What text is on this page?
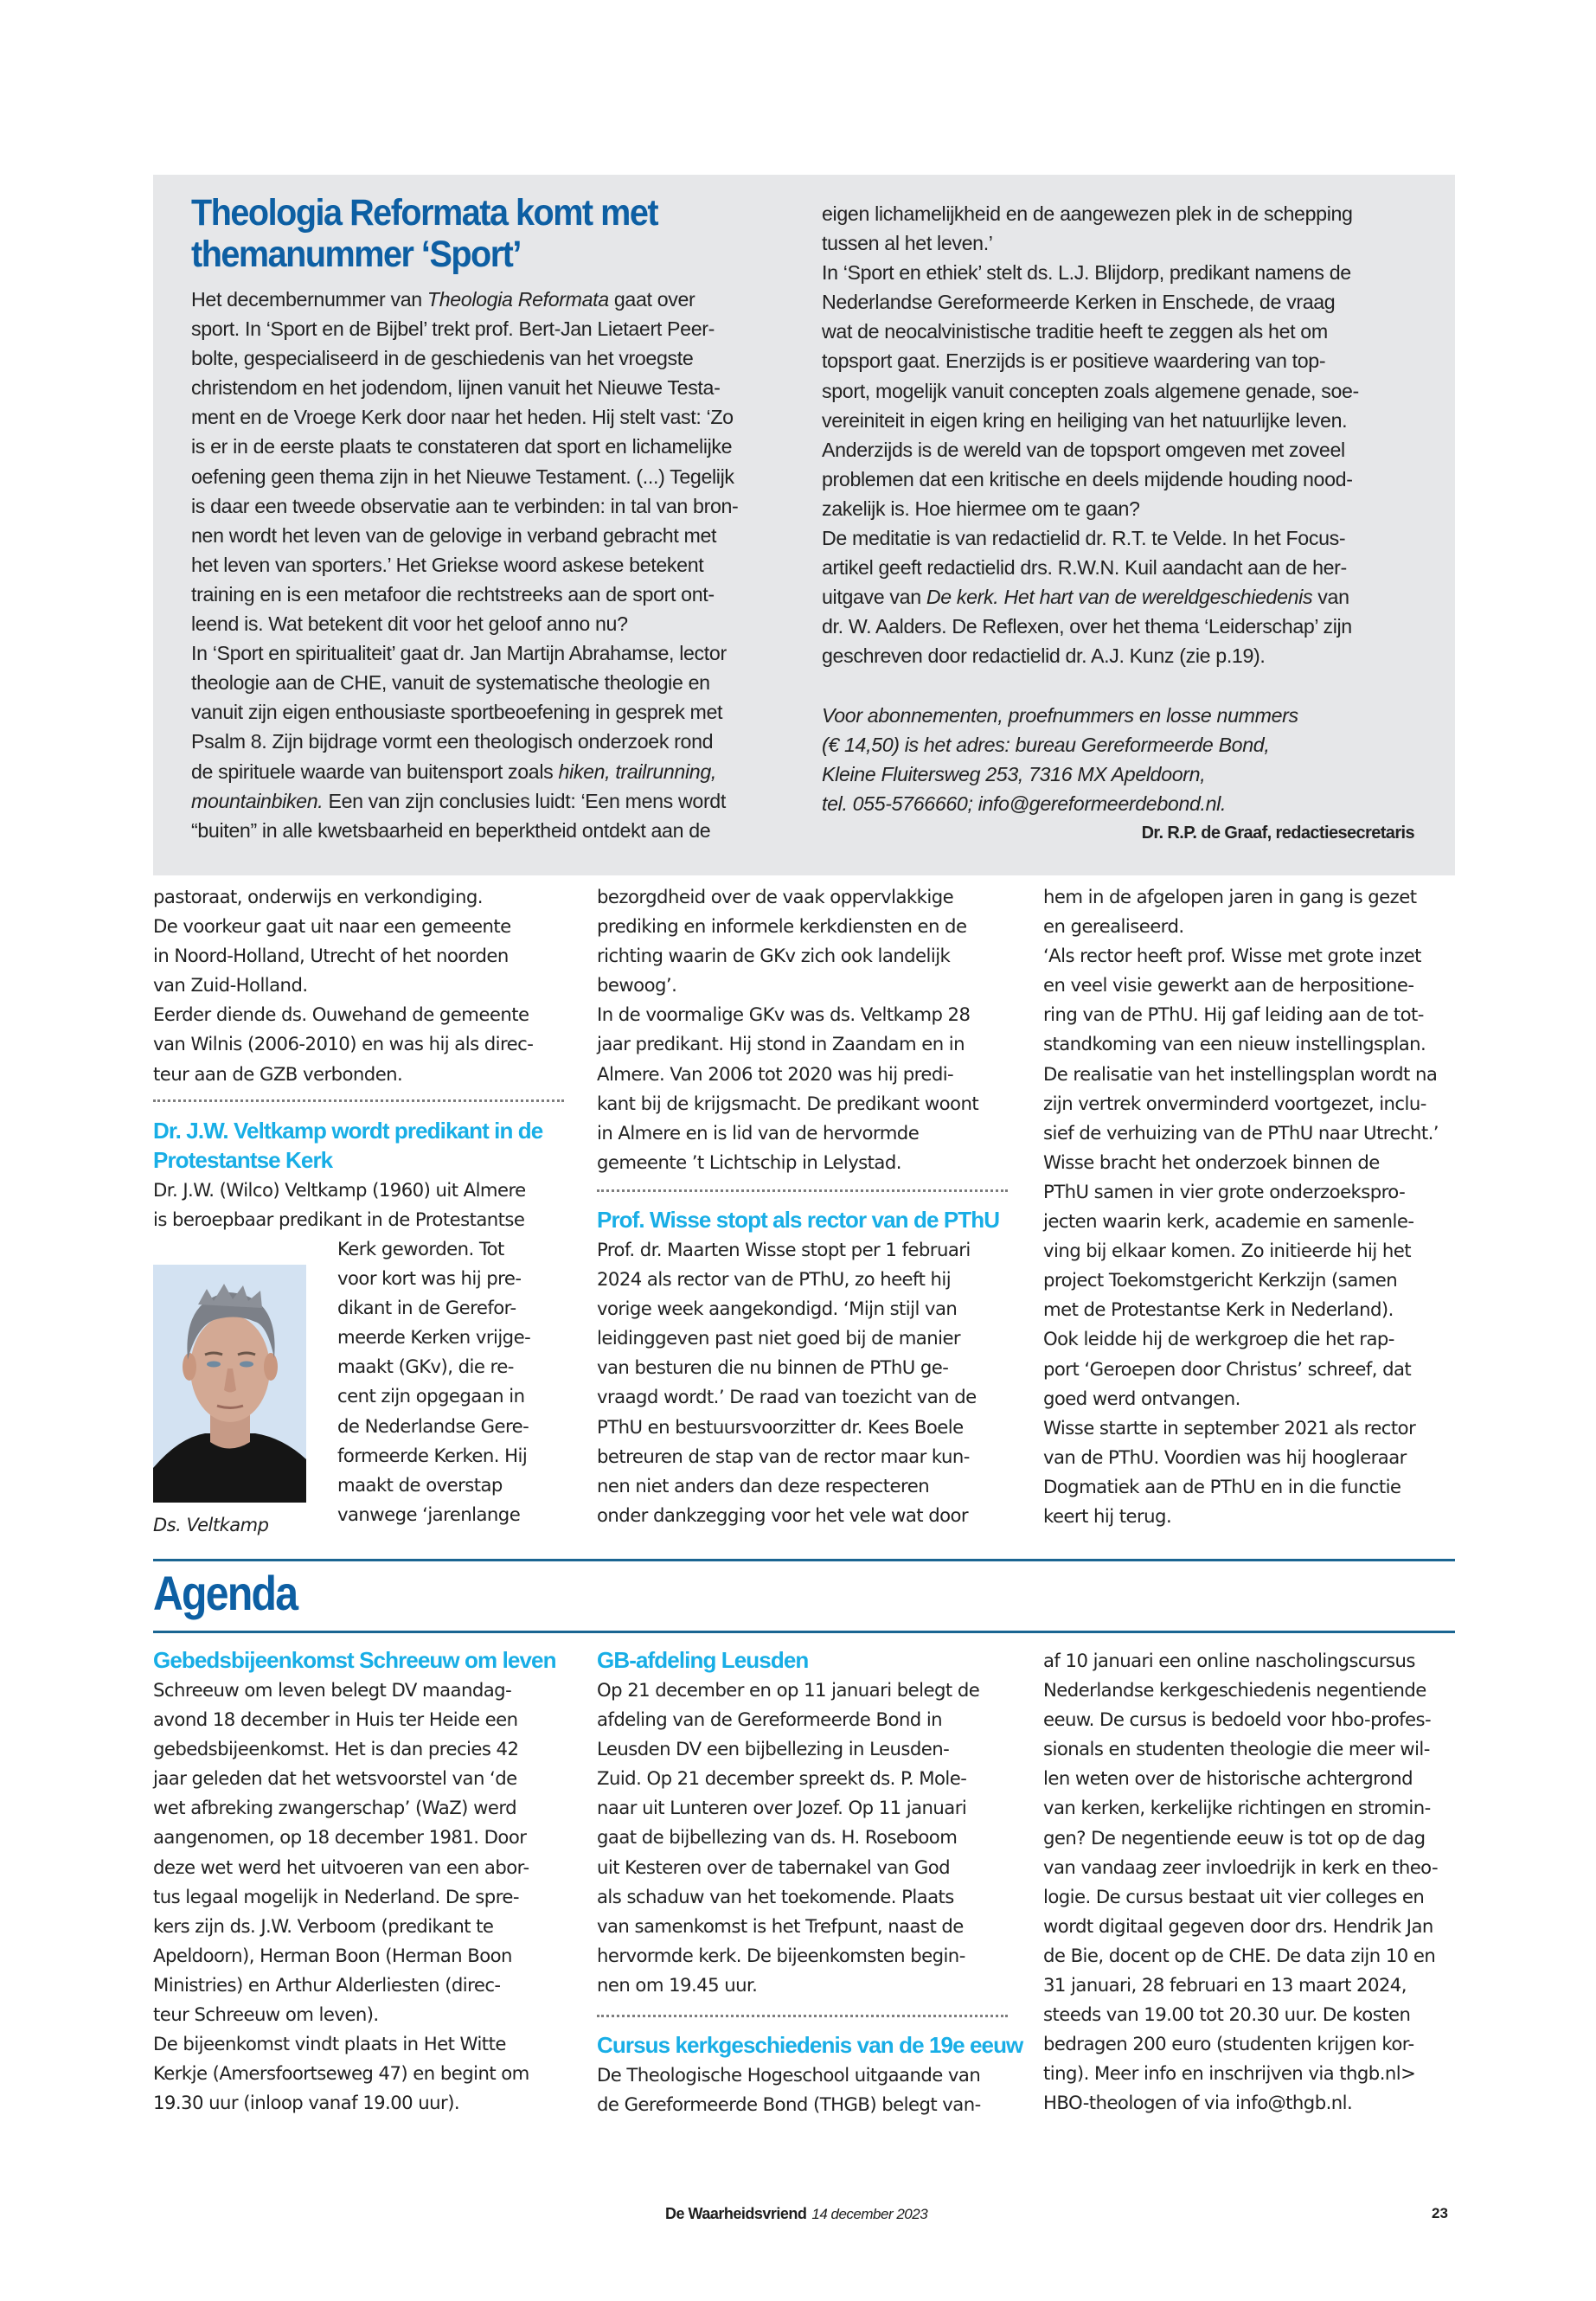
Theologia Reformata komt met
themanummer ‘Sport’
Het decembernummer van Theologia Reformata gaat over
sport. In ‘Sport en de Bijbel’ trekt prof. Bert-Jan Lietaert Peer-
bolte, gespecialiseerd in de geschiedenis van het vroegste
christendom en het jodendom, lijnen vanuit het Nieuwe Testa-
ment en de Vroege Kerk door naar het heden. Hij stelt vast: ‘Zo
is er in de eerste plaats te constateren dat sport en lichamelijke
oefening geen thema zijn in het Nieuwe Testament. (...) Tegelijk
is daar een tweede observatie aan te verbinden: in tal van bron-
nen wordt het leven van de gelovige in verband gebracht met
het leven van sporters.’ Het Griekse woord askese betekent
training en is een metafoor die rechtstreeks aan de sport ont-
leend is. Wat betekent dit voor het geloof anno nu?
In ‘Sport en spiritualiteit’ gaat dr. Jan Martijn Abrahamse, lector
theologie aan de CHE, vanuit de systematische theologie en
vanuit zijn eigen enthousiaste sportbeoefening in gesprek met
Psalm 8. Zijn bijdrage vormt een theologisch onderzoek rond
de spirituele waarde van buitensport zoals hiken, trailrunning,
mountainbiken. Een van zijn conclusies luidt: ‘Een mens wordt
“buiten” in alle kwetsbaarheid en beperktheid ontdekt aan de
eigen lichamelijkheid en de aangewezen plek in de schepping
tussen al het leven.’
In ‘Sport en ethiek’ stelt ds. L.J. Blijdorp, predikant namens de
Nederlandse Gereformeerde Kerken in Enschede, de vraag
wat de neocalvinistische traditie heeft te zeggen als het om
topsport gaat. Enerzijds is er positieve waardering van top-
sport, mogelijk vanuit concepten zoals algemene genade, soe-
vereiniteit in eigen kring en heiliging van het natuurlijke leven.
Anderzijds is de wereld van de topsport omgeven met zoveel
problemen dat een kritische en deels mijdende houding nood-
zakelijk is. Hoe hiermee om te gaan?
De meditatie is van redactielid dr. R.T. te Velde. In het Focus-
artikel geeft redactielid drs. R.W.N. Kuil aandacht aan de her-
uitgave van De kerk. Het hart van de wereldgeschiedenis van
dr. W. Aalders. De Reflexen, over het thema ‘Leiderschap’ zijn
geschreven door redactielid dr. A.J. Kunz (zie p.19).
Voor abonnementen, proefnummers en losse nummers
(€ 14,50) is het adres: bureau Gereformeerde Bond,
Kleine Fluitersweg 253, 7316 MX Apeldoorn,
tel. 055-5766660; info@gereformeerdebond.nl.
Dr. R.P. de Graaf, redactiesecretaris
pastoraat, onderwijs en verkondiging.
De voorkeur gaat uit naar een gemeente
in Noord-Holland, Utrecht of het noorden
van Zuid-Holland.
Eerder diende ds. Ouwehand de gemeente
van Wilnis (2006-2010) en was hij als direc-
teur aan de GZB verbonden.
Dr. J.W. Veltkamp wordt predikant in de
Protestantse Kerk
Dr. J.W. (Wilco) Veltkamp (1960) uit Almere
is beroepbaar predikant in de Protestantse
Ds. Veltkamp
Kerk geworden. Tot
voor kort was hij pre-
dikant in de Gerefor-
meerde Kerken vrijge-
maakt (GKv), die re-
cent zijn opgegaan in
de Nederlandse Gere-
formeerde Kerken. Hij
maakt de overstap
vanwege ‘jarenlange
bezorgdheid over de vaak oppervlakkige
prediking en informele kerkdiensten en de
richting waarin de GKv zich ook landelijk
bewoog’.
In de voormalige GKv was ds. Veltkamp 28
jaar predikant. Hij stond in Zaandam en in
Almere. Van 2006 tot 2020 was hij predi-
kant bij de krijgsmacht. De predikant woont
in Almere en is lid van de hervormde
gemeente ’t Lichtschip in Lelystad.
Prof. Wisse stopt als rector van de PThU
Prof. dr. Maarten Wisse stopt per 1 februari
2024 als rector van de PThU, zo heeft hij
vorige week aangekondigd. ‘Mijn stijl van
leidinggeven past niet goed bij de manier
van besturen die nu binnen de PThU ge-
vraagd wordt.’ De raad van toezicht van de
PThU en bestuursvoorzitter dr. Kees Boele
betreuren de stap van de rector maar kun-
nen niet anders dan deze respecteren
onder dankzegging voor het vele wat door
hem in de afgelopen jaren in gang is gezet
en gerealiseerd.
‘Als rector heeft prof. Wisse met grote inzet
en veel visie gewerkt aan de herpositione-
ring van de PThU. Hij gaf leiding aan de tot-
standkoming van een nieuw instellingsplan.
De realisatie van het instellingsplan wordt na
zijn vertrek onverminderd voortgezet, inclu-
sief de verhuizing van de PThU naar Utrecht.’
Wisse bracht het onderzoek binnen de
PThU samen in vier grote onderzoekspro-
jecten waarin kerk, academie en samenle-
ving bij elkaar komen. Zo initieerde hij het
project Toekomstgericht Kerkzijn (samen
met de Protestantse Kerk in Nederland).
Ook leidde hij de werkgroep die het rap-
port ‘Geroepen door Christus’ schreef, dat
goed werd ontvangen.
Wisse startte in september 2021 als rector
van de PThU. Voordien was hij hoogleraar
Dogmatiek aan de PThU en in die functie
keert hij terug.
Agenda
Gebedsbijeenkomst Schreeuw om leven
Schreeuw om leven belegt DV maandag-
avond 18 december in Huis ter Heide een
gebedsbijeenkomst. Het is dan precies 42
jaar geleden dat het wetsvoorstel van ‘de
wet afbreking zwangerschap’ (WaZ) werd
aangenomen, op 18 december 1981. Door
deze wet werd het uitvoeren van een abor-
tus legaal mogelijk in Nederland. De spre-
kers zijn ds. J.W. Verboom (predikant te
Apeldoorn), Herman Boon (Herman Boon
Ministries) en Arthur Alderliesten (direc-
teur Schreeuw om leven).
De bijeenkomst vindt plaats in Het Witte
Kerkje (Amersfoortseweg 47) en begint om
19.30 uur (inloop vanaf 19.00 uur).
GB-afdeling Leusden
Op 21 december en op 11 januari belegt de
afdeling van de Gereformeerde Bond in
Leusden DV een bijbellezing in Leusden-
Zuid. Op 21 december spreekt ds. P. Mole-
naar uit Lunteren over Jozef. Op 11 januari
gaat de bijbellezing van ds. H. Roseboom
uit Kesteren over de tabernakel van God
als schaduw van het toekomende. Plaats
van samenkomst is het Trefpunt, naast de
hervormde kerk. De bijeenkomsten begin-
nen om 19.45 uur.
Cursus kerkgeschiedenis van de 19e eeuw
De Theologische Hogeschool uitgaande van
de Gereformeerde Bond (THGB) belegt van-
af 10 januari een online nascholingscursus
Nederlandse kerkgeschiedenis negentiende
eeuw. De cursus is bedoeld voor hbo-profes-
sionals en studenten theologie die meer wil-
len weten over de historische achtergrond
van kerken, kerkelijke richtingen en stromin-
gen? De negentiende eeuw is tot op de dag
van vandaag zeer invloedrijk in kerk en theo-
logie. De cursus bestaat uit vier colleges en
wordt digitaal gegeven door drs. Hendrik Jan
de Bie, docent op de CHE. De data zijn 10 en
31 januari, 28 februari en 13 maart 2024,
steeds van 19.00 tot 20.30 uur. De kosten
bedragen 200 euro (studenten krijgen kor-
ting). Meer info en inschrijven via thgb.nl>
HBO-theologen of via info@thgb.nl.
De Waarheidsvriend 14 december 2023	23
